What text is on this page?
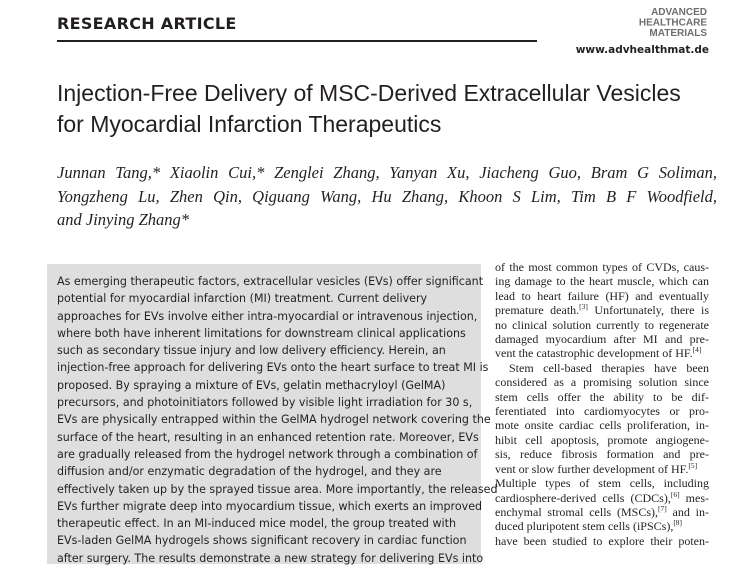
RESEARCH ARTICLE
ADVANCED
HEALTHCARE
MATERIALS
www.advhealthmat.de
Injection-Free Delivery of MSC-Derived Extracellular Vesicles
for Myocardial Infarction Therapeutics
Junnan Tang,* Xiaolin Cui,* Zenglei Zhang, Yanyan Xu, Jiacheng Guo, Bram G Soliman,
Yongzheng Lu, Zhen Qin, Qiguang Wang, Hu Zhang, Khoon S Lim, Tim B F Woodfield,
and Jinying Zhang*
As emerging therapeutic factors, extracellular vesicles (EVs) offer significant
potential for myocardial infarction (MI) treatment. Current delivery
approaches for EVs involve either intra-myocardial or intravenous injection,
where both have inherent limitations for downstream clinical applications
such as secondary tissue injury and low delivery efficiency. Herein, an
injection-free approach for delivering EVs onto the heart surface to treat MI is
proposed. By spraying a mixture of EVs, gelatin methacryloyl (GelMA)
precursors, and photoinitiators followed by visible light irradiation for 30 s,
EVs are physically entrapped within the GelMA hydrogel network covering the
surface of the heart, resulting in an enhanced retention rate. Moreover, EVs
are gradually released from the hydrogel network through a combination of
diffusion and/or enzymatic degradation of the hydrogel, and they are
effectively taken up by the sprayed tissue area. More importantly, the released
EVs further migrate deep into myocardium tissue, which exerts an improved
therapeutic effect. In an MI-induced mice model, the group treated with
EVs-laden GelMA hydrogels shows significant recovery in cardiac function
after surgery. The results demonstrate a new strategy for delivering EVs into
of the most common types of CVDs, caus-
ing damage to the heart muscle, which can
lead to heart failure (HF) and eventually
premature death.[3] Unfortunately, there is
no clinical solution currently to regenerate
damaged myocardium after MI and pre-
vent the catastrophic development of HF.[4]
Stem cell-based therapies have been
considered as a promising solution since
stem cells offer the ability to be dif-
ferentiated into cardiomyocytes or pro-
mote onsite cardiac cells proliferation, in-
hibit cell apoptosis, promote angiogene-
sis, reduce fibrosis formation and pre-
vent or slow further development of HF.[5]
Multiple types of stem cells, including
cardiosphere-derived cells (CDCs),[6] mes-
enchymal stromal cells (MSCs),[7] and in-
duced pluripotent stem cells (iPSCs),[8]
have been studied to explore their poten-
